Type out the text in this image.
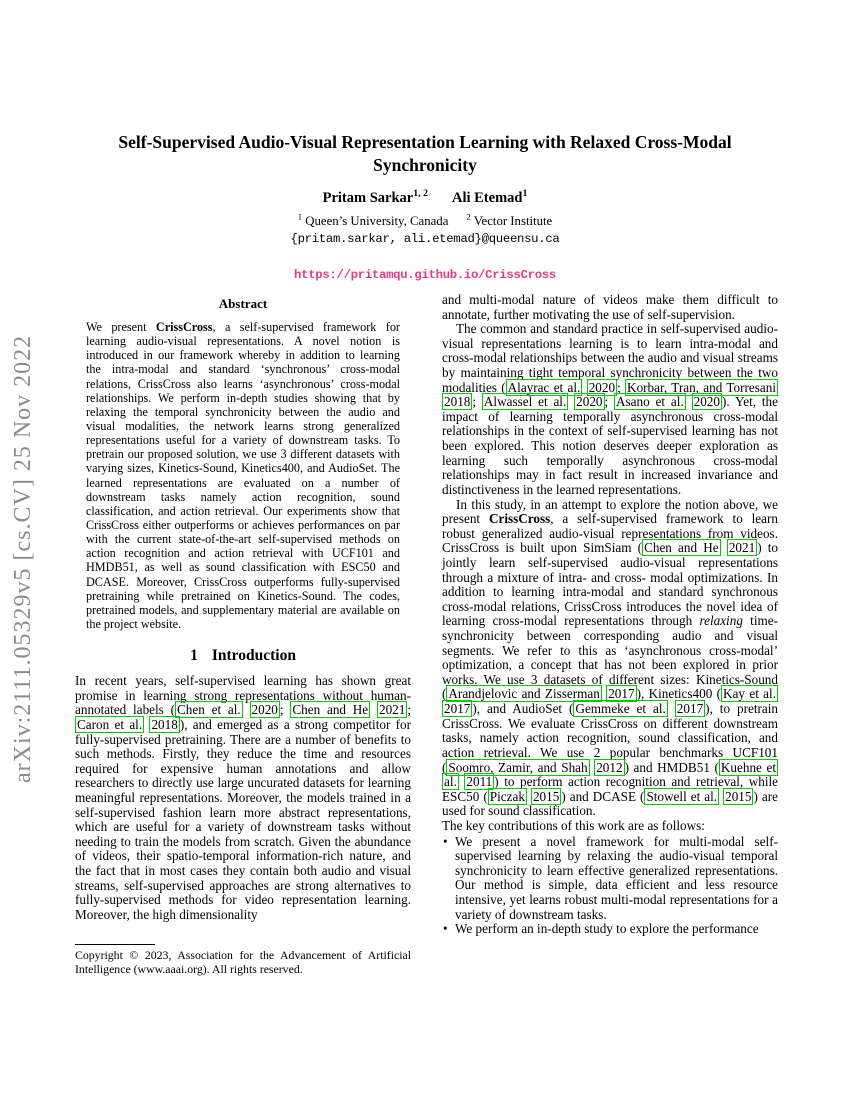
arXiv:2111.05329v5 [cs.CV] 25 Nov 2022
Self-Supervised Audio-Visual Representation Learning with Relaxed Cross-Modal Synchronicity
Pritam Sarkar$^{1, 2}$ Ali Etemad$^1$
$^1$ Queen’s University, Canada $^2$ Vector Institute
{pritam.sarkar, ali.etemad}@queensu.ca

https://pritamqu.github.io/CrissCross
Abstract

We present CrissCross, a self-supervised framework for learning audio-visual representations. A novel notion is introduced in our framework whereby in addition to learning the intra-modal and standard ‘synchronous’ cross-modal relations, CrissCross also learns ‘asynchronous’ cross-modal relationships. We perform in-depth studies showing that by relaxing the temporal synchronicity between the audio and visual modalities, the network learns strong generalized representations useful for a variety of downstream tasks. To pretrain our proposed solution, we use 3 different datasets with varying sizes, Kinetics-Sound, Kinetics400, and AudioSet. The learned representations are evaluated on a number of downstream tasks namely action recognition, sound classification, and action retrieval. Our experiments show that CrissCross either outperforms or achieves performances on par with the current state-of-the-art self-supervised methods on action recognition and action retrieval with UCF101 and HMDB51, as well as sound classification with ESC50 and DCASE. Moreover, CrissCross outperforms fully-supervised pretraining while pretrained on Kinetics-Sound. The codes, pretrained models, and supplementary material are available on the project website.

1 Introduction

In recent years, self-supervised learning has shown great promise in learning strong representations without human-annotated labels ( Chen et al. 2020 ; Chen and He 2021 ; Caron et al. 2018 ), and emerged as a strong competitor for fully-supervised pretraining. There are a number of benefits to such methods. Firstly, they reduce the time and resources required for expensive human annotations and allow researchers to directly use large uncurated datasets for learning meaningful representations. Moreover, the models trained in a self-supervised fashion learn more abstract representations, which are useful for a variety of downstream tasks without needing to train the models from scratch. Given the abundance of videos, their spatio-temporal information-rich nature, and the fact that in most cases they contain both audio and visual streams, self-supervised approaches are strong alternatives to fully-supervised methods for video representation learning. Moreover, the high dimensionality

and multi-modal nature of videos make them difficult to annotate, further motivating the use of self-supervision.

The common and standard practice in self-supervised audio-visual representations learning is to learn intra-modal and cross-modal relationships between the audio and visual streams by maintaining tight temporal synchronicity between the two modalities ( Alayrac et al. 2020 ; Korbar, Tran, and Torresani 2018 ; Alwassel et al. 2020 ; Asano et al. 2020 ). Yet, the impact of learning temporally asynchronous cross-modal relationships in the context of self-supervised learning has not been explored. This notion deserves deeper exploration as learning such temporally asynchronous cross-modal relationships may in fact result in increased invariance and distinctiveness in the learned representations.

In this study, in an attempt to explore the notion above, we present CrissCross, a self-supervised framework to learn robust generalized audio-visual representations from videos. CrissCross is built upon SimSiam ( Chen and He 2021 ) to jointly learn self-supervised audio-visual representations through a mixture of intra- and cross- modal optimizations. In addition to learning intra-modal and standard synchronous cross-modal relations, CrissCross introduces the novel idea of learning cross-modal representations through relaxing time-synchronicity between corresponding audio and visual segments. We refer to this as ‘asynchronous cross-modal’ optimization, a concept that has not been explored in prior works. We use 3 datasets of different sizes: Kinetics-Sound ( Arandjelovic and Zisserman 2017 ), Kinetics400 ( Kay et al. 2017 ), and AudioSet ( Gemmeke et al. 2017 ), to pretrain CrissCross. We evaluate CrissCross on different downstream tasks, namely action recognition, sound classification, and action retrieval. We use 2 popular benchmarks UCF101 ( Soomro, Zamir, and Shah 2012 ) and HMDB51 ( Kuehne et al. 2011 ) to perform action recognition and retrieval, while ESC50 ( Piczak 2015 ) and DCASE ( Stowell et al. 2015 ) are used for sound classification.

The key contributions of this work are as follows:

• We present a novel framework for multi-modal self-supervised learning by relaxing the audio-visual temporal synchronicity to learn effective generalized representations. Our method is simple, data efficient and less resource intensive, yet learns robust multi-modal representations for a variety of downstream tasks.
• We perform an in-depth study to explore the performance

Copyright © 2023, Association for the Advancement of Artificial Intelligence (www.aaai.org). All rights reserved.
